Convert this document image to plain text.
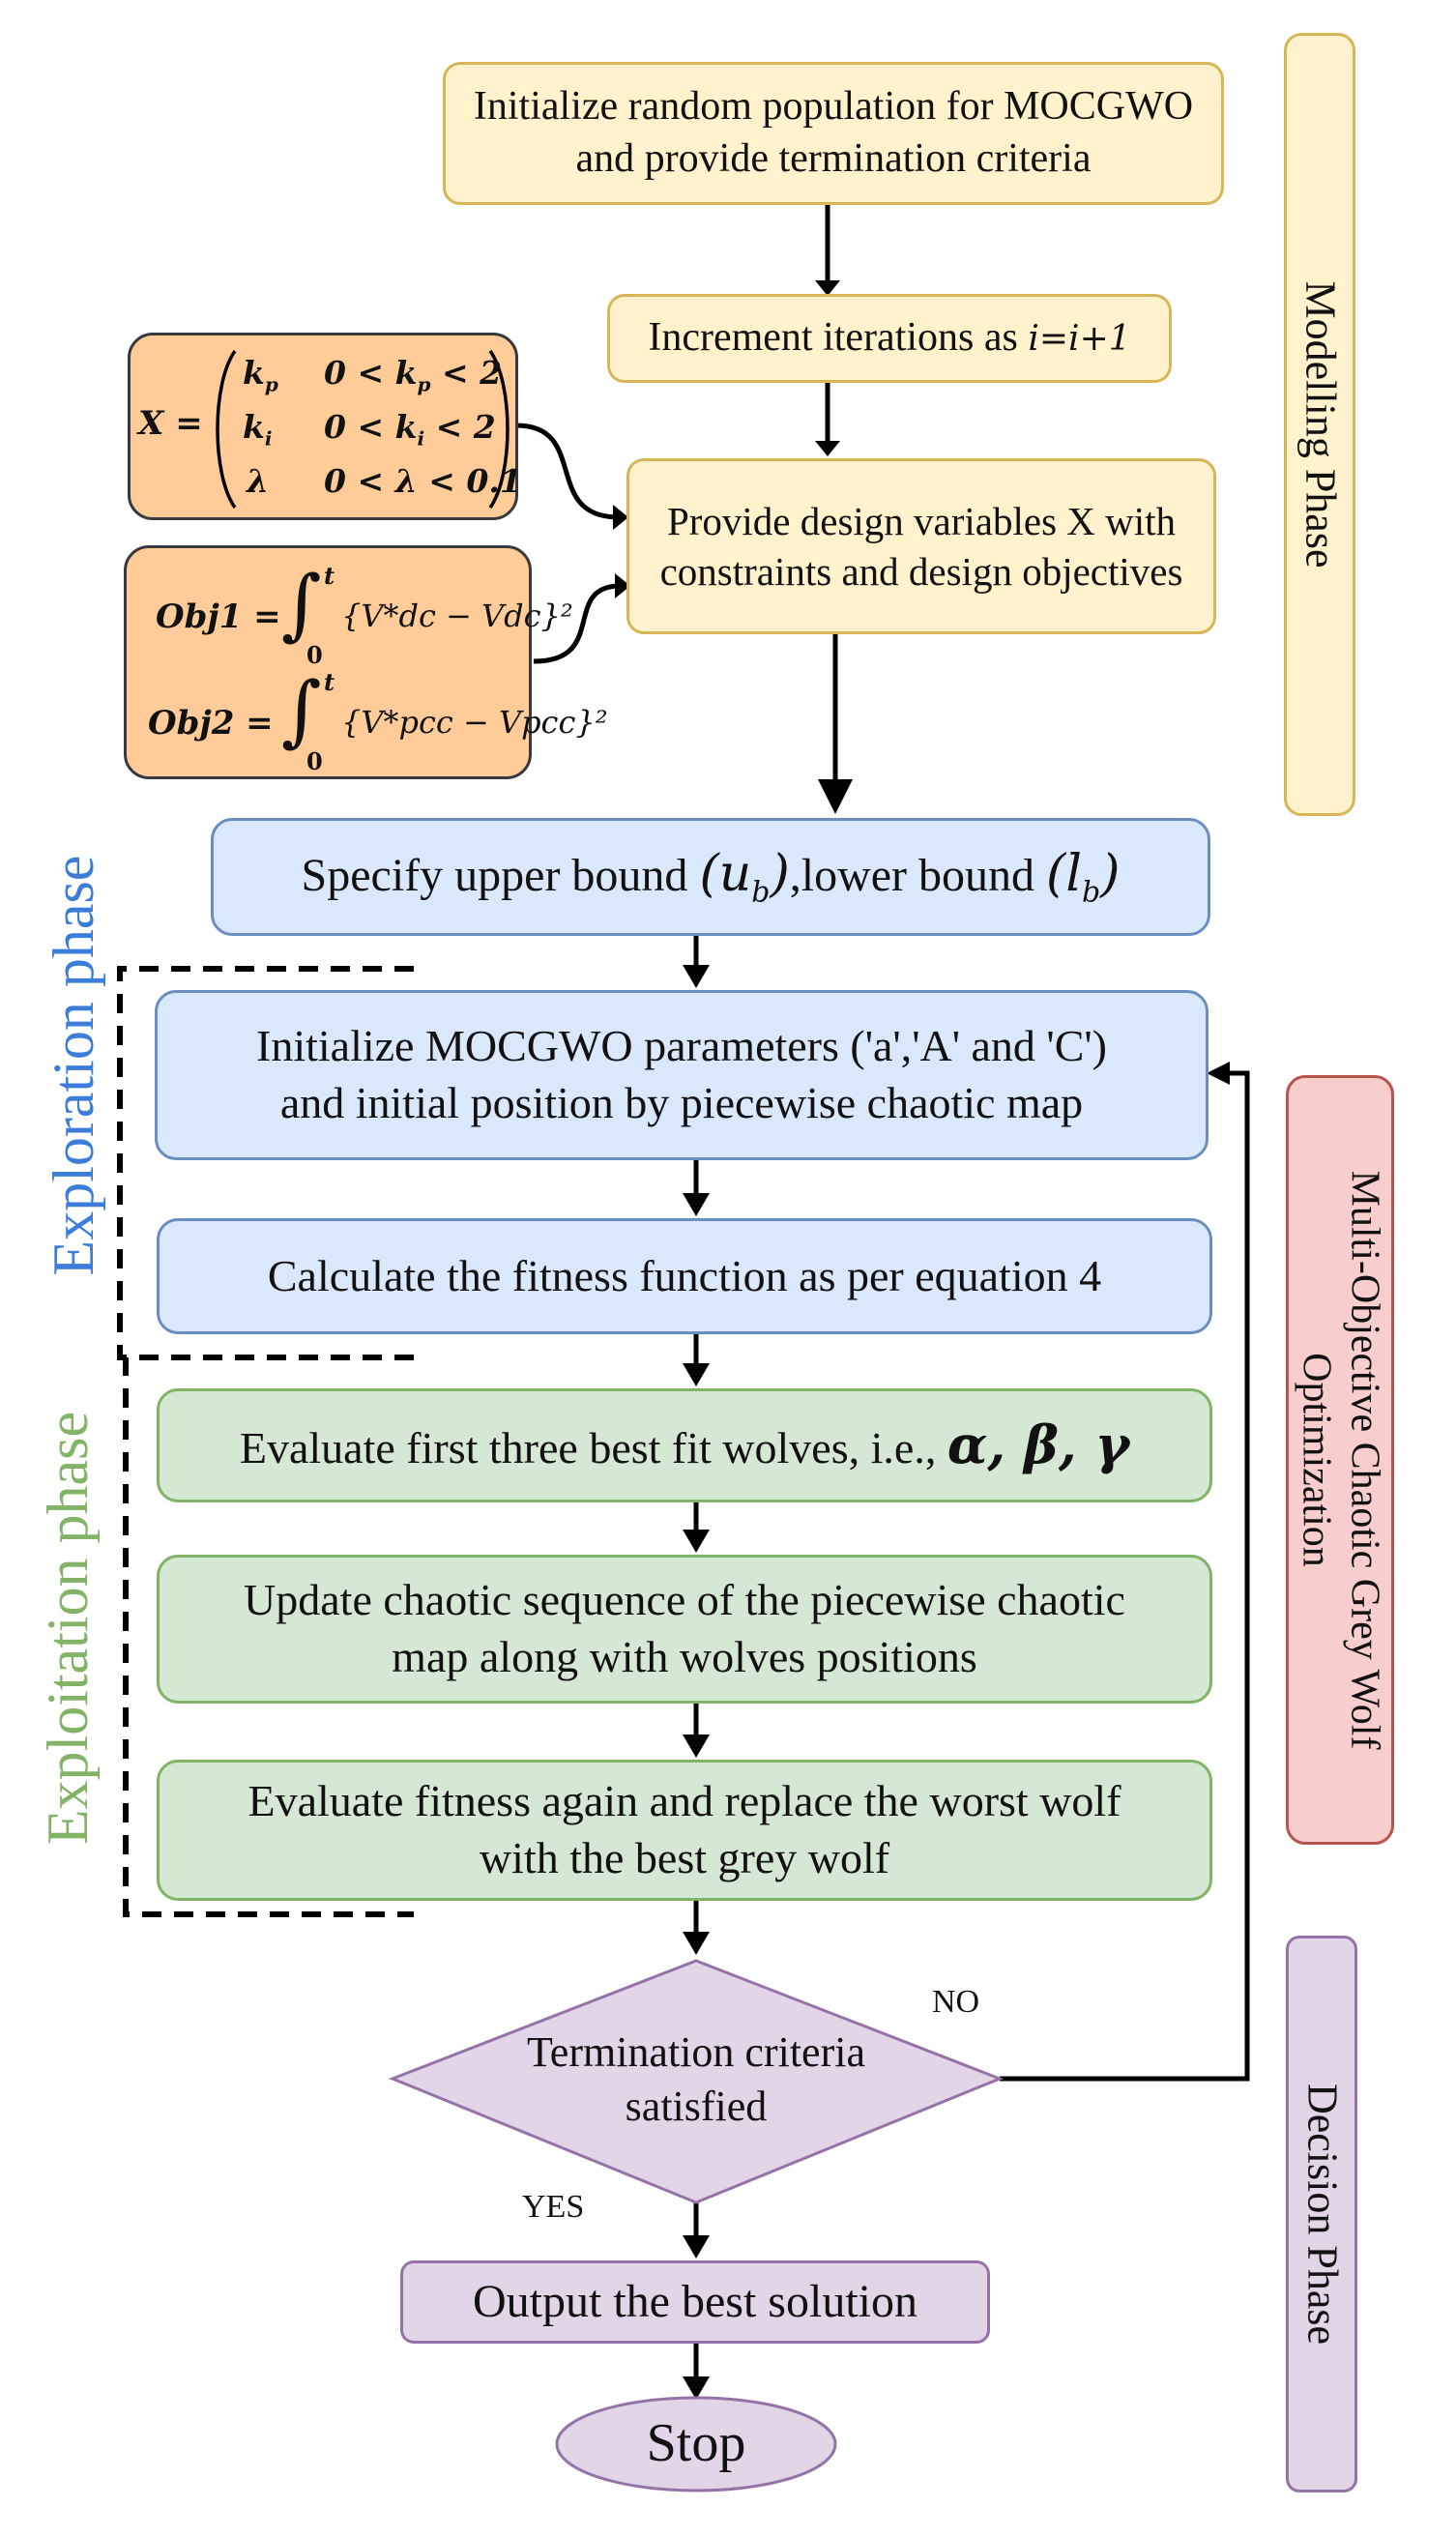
Initialize random population for MOCGWO
and provide termination criteria
Increment iterations as i=i+1
Provide design variables X with
constraints and design objectives
X =
$k_p$ $0 < k_p < 2$
$k_i$ $0 < k_i < 2$
λ 0 < λ < 0.1
Obj1 = ∫ t
0
{V*dc − Vdc}²
Obj2 = ∫ t
0
{V*pcc − Vpcc}²
Specify upper bound $(u_b),lower$ bound $(l_b)$
Initialize MOCGWO parameters ('a','A' and 'C')
and initial position by piecewise chaotic map
Calculate the fitness function as per equation 4
Evaluate first three best fit wolves, i.e., α, β, γ
Update chaotic sequence of the piecewise chaotic
map along with wolves positions
Evaluate fitness again and replace the worst wolf
with the best grey wolf
Termination criteria
satisfied
NO
YES
Output the best solution
Stop
Modelling Phase
Multi-Objective Chaotic Grey Wolf
Optimization
Decision Phase
Exploration phase
Exploitation phase
